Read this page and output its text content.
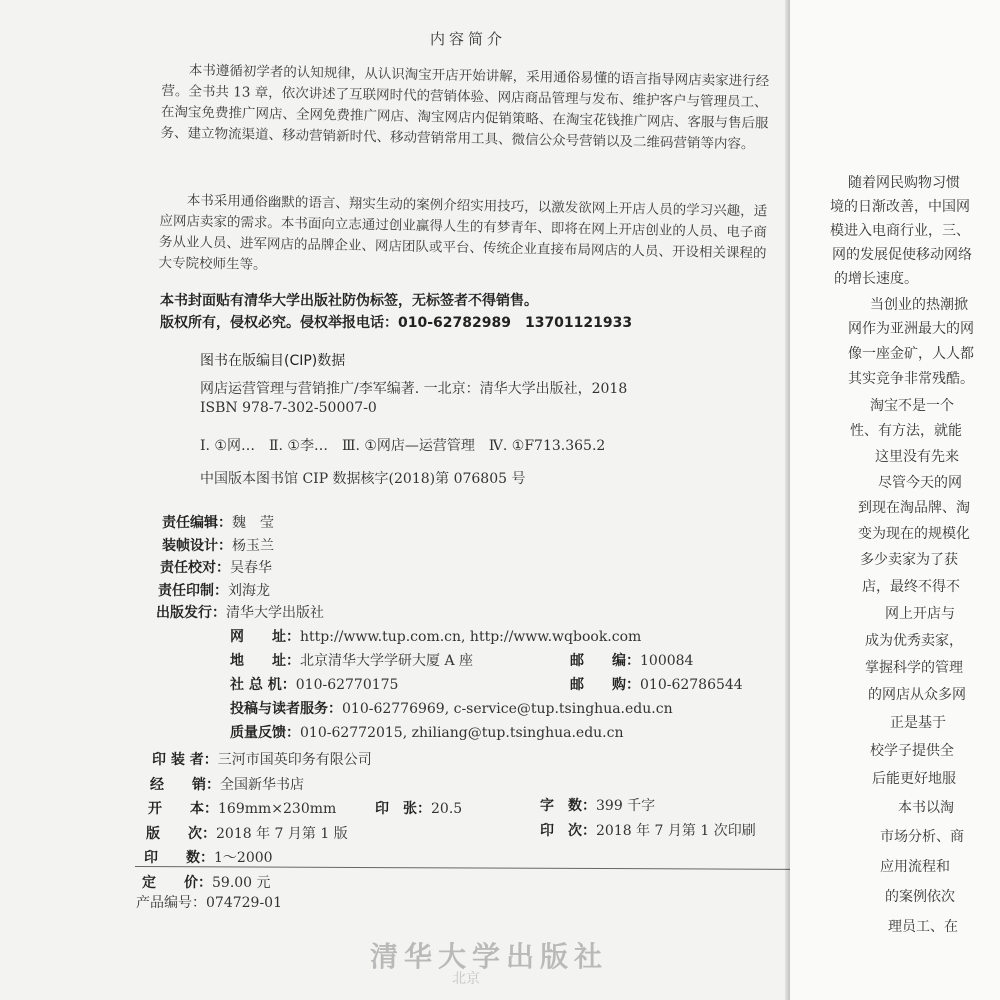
内容简介
本书遵循初学者的认知规律，从认识淘宝开店开始讲解，采用通俗易懂的语言指导网店卖家进行经营。全书共 13 章，依次讲述了互联网时代的营销体验、网店商品管理与发布、维护客户与管理员工、在淘宝免费推广网店、全网免费推广网店、淘宝网店内促销策略、在淘宝花钱推广网店、客服与售后服务、建立物流渠道、移动营销新时代、移动营销常用工具、微信公众号营销以及二维码营销等内容。
本书采用通俗幽默的语言、翔实生动的案例介绍实用技巧，以激发欲网上开店人员的学习兴趣，适应网店卖家的需求。本书面向立志通过创业赢得人生的有梦青年、即将在网上开店创业的人员、电子商务从业人员、进军网店的品牌企业、网店团队或平台、传统企业直接布局网店的人员、开设相关课程的大专院校师生等。
本书封面贴有清华大学出版社防伪标签，无标签者不得销售。
版权所有，侵权必究。侵权举报电话：010-62782989　13701121933
图书在版编目(CIP)数据
网店运营管理与营销推广/李军编著. 一北京：清华大学出版社，2018
ISBN 978-7-302-50007-0
Ⅰ. ①网…　Ⅱ. ①李…　Ⅲ. ①网店—运营管理　Ⅳ. ①F713.365.2
中国版本图书馆 CIP 数据核字(2018)第 076805 号
责任编辑：魏　莹
装帧设计：杨玉兰
责任校对：吴春华
责任印制：刘海龙
出版发行：清华大学出版社
网　　址：http://www.tup.com.cn, http://www.wqbook.com
地　　址：北京清华大学学研大厦 A 座	邮　　编：100084
社 总 机：010-62770175	邮　　购：010-62786544
投稿与读者服务：010-62776969, c-service@tup.tsinghua.edu.cn
质量反馈：010-62772015, zhiliang@tup.tsinghua.edu.cn
印 装 者：三河市国英印务有限公司
经　　销：全国新华书店
开　　本：169mm×230mm	印　张：20.5	字　数：399 千字
版　　次：2018 年 7 月第 1 版	印　次：2018 年 7 月第 1 次印刷
印　　数：1～2000
定　　价：59.00 元
产品编号：074729-01
清华大学出版社
北京
随着网民购物习惯
境的日渐改善，中国网
模进入电商行业，三、
网的发展促使移动网络
的增长速度。
当创业的热潮掀
网作为亚洲最大的网
像一座金矿，人人都
其实竞争非常残酷。
淘宝不是一个
性、有方法，就能
这里没有先来
尽管今天的网
到现在淘品牌、淘
变为现在的规模化
多少卖家为了获
店，最终不得不
网上开店与
成为优秀卖家，
掌握科学的管理
的网店从众多网
正是基于
校学子提供全
后能更好地服
本书以淘
市场分析、商
应用流程和
的案例依次
理员工、在
